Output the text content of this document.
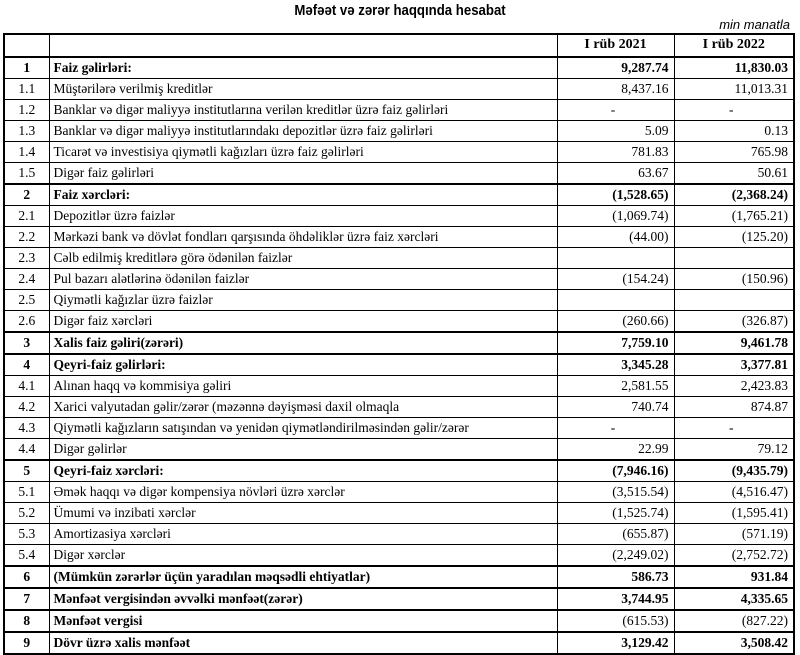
Məfəət və zərər haqqında hesabat
min manatla
		I rüb 2021	I rüb 2022
1	Faiz gəlirləri:	9,287.74	11,830.03
1.1	Müştərilərə verilmiş kreditlər	8,437.16	11,013.31
1.2	Banklar və digər maliyyə institutlarına verilən kreditlər üzrə faiz gəlirləri	-	-
1.3	Banklar və digər maliyyə institutlarındakı depozitlər üzrə faiz gəlirləri	5.09	0.13
1.4	Ticarət və investisiya qiymətli kağızları üzrə faiz gəlirləri	781.83	765.98
1.5	Digər faiz gəlirləri	63.67	50.61
2	Faiz xərcləri:	(1,528.65)	(2,368.24)
2.1	Depozitlər üzrə faizlər	(1,069.74)	(1,765.21)
2.2	Mərkəzi bank və dövlət fondları qarşısında öhdəliklər üzrə faiz xərcləri	(44.00)	(125.20)
2.3	Cəlb edilmiş kreditlərə görə ödənilən faizlər		
2.4	Pul bazarı alətlərinə ödənilən faizlər	(154.24)	(150.96)
2.5	Qiymətli kağızlar üzrə faizlər		
2.6	Digər faiz xərcləri	(260.66)	(326.87)
3	Xalis faiz gəliri(zərəri)	7,759.10	9,461.78
4	Qeyri-faiz gəlirləri:	3,345.28	3,377.81
4.1	Alınan haqq və kommisiya gəliri	2,581.55	2,423.83
4.2	Xarici valyutadan gəlir/zərər (məzənnə dəyişməsi daxil olmaqla	740.74	874.87
4.3	Qiymətli kağızların satışından və yenidən qiymətləndirilməsindən gəlir/zərər	-	-
4.4	Digər gəlirlər	22.99	79.12
5	Qeyri-faiz xərcləri:	(7,946.16)	(9,435.79)
5.1	Əmək haqqı və digər kompensiya növləri üzrə xərclər	(3,515.54)	(4,516.47)
5.2	Ümumi və inzibati xərclər	(1,525.74)	(1,595.41)
5.3	Amortizasiya xərcləri	(655.87)	(571.19)
5.4	Digər xərclər	(2,249.02)	(2,752.72)
6	(Mümkün zərərlər üçün yaradılan məqsədli ehtiyatlar)	586.73	931.84
7	Mənfəət vergisindən əvvəlki mənfəət(zərər)	3,744.95	4,335.65
8	Mənfəət vergisi	(615.53)	(827.22)
9	Dövr üzrə xalis mənfəət	3,129.42	3,508.42
